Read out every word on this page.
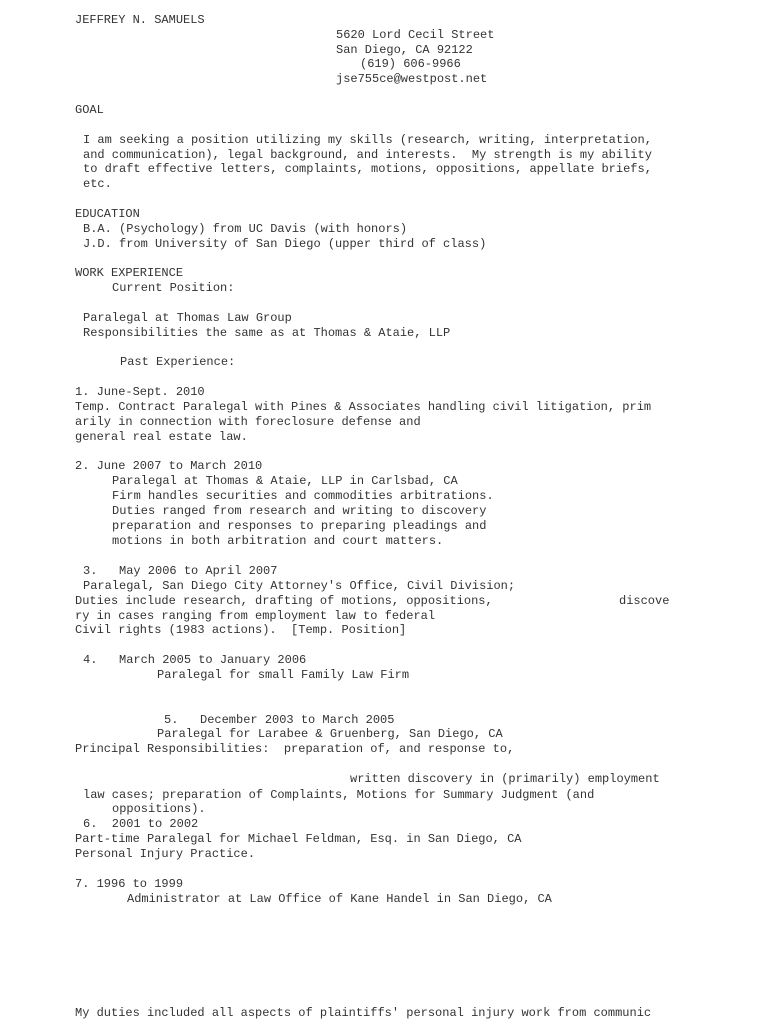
JEFFREY N. SAMUELS

5620 Lord Cecil Street

San Diego, CA 92122

(619) 606-9966

jse755ce@westpost.net

GOAL

I am seeking a position utilizing my skills (research, writing, interpretation,

and communication), legal background, and interests.  My strength is my ability

to draft effective letters, complaints, motions, oppositions, appellate briefs,

etc.

EDUCATION

B.A. (Psychology) from UC Davis (with honors)

J.D. from University of San Diego (upper third of class)

WORK EXPERIENCE

Current Position:

Paralegal at Thomas Law Group

Responsibilities the same as at Thomas & Ataie, LLP

Past Experience:

1. June-Sept. 2010

Temp. Contract Paralegal with Pines & Associates handling civil litigation, prim

arily in connection with foreclosure defense and

general real estate law.

2. June 2007 to March 2010

Paralegal at Thomas & Ataie, LLP in Carlsbad, CA

Firm handles securities and commodities arbitrations.

Duties ranged from research and writing to discovery

preparation and responses to preparing pleadings and

motions in both arbitration and court matters.

3.   May 2006 to April 2007

Paralegal, San Diego City Attorney's Office, Civil Division;

Duties include research, drafting of motions, oppositions,	discove

ry in cases ranging from employment law to federal

Civil rights (1983 actions).  [Temp. Position]

4.   March 2005 to January 2006

Paralegal for small Family Law Firm

5.   December 2003 to March 2005

Paralegal for Larabee & Gruenberg, San Diego, CA

Principal Responsibilities:  preparation of, and response to,

written discovery in (primarily) employment

law cases; preparation of Complaints, Motions for Summary Judgment (and

oppositions).

6.  2001 to 2002

Part-time Paralegal for Michael Feldman, Esq. in San Diego, CA

Personal Injury Practice.

7. 1996 to 1999

Administrator at Law Office of Kane Handel in San Diego, CA

My duties included all aspects of plaintiffs' personal injury work from communic
